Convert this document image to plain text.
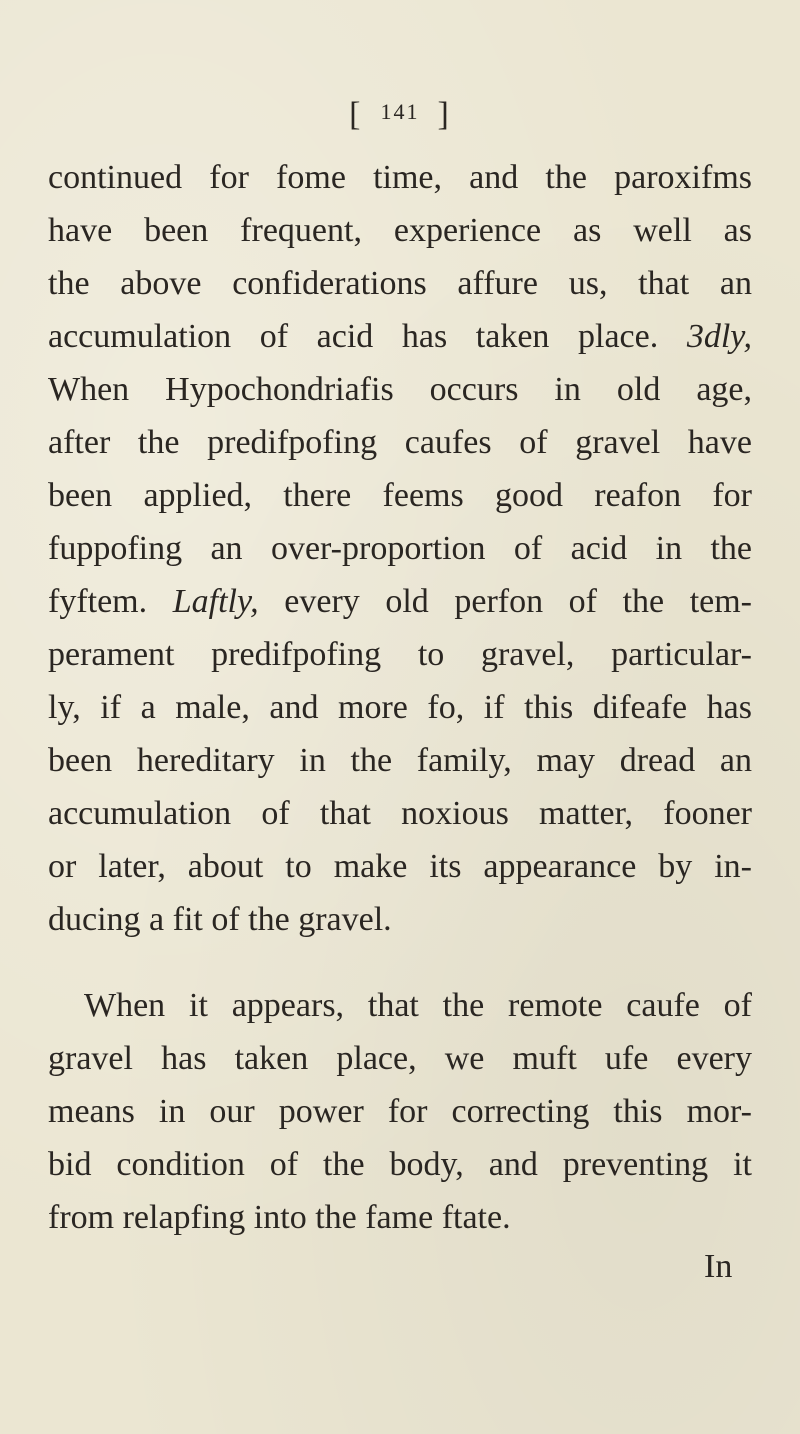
[ 141 ]
continued for fome time, and the paroxifms
have been frequent, experience as well as
the above confiderations affure us, that an
accumulation of acid has taken place. 3dly,
When Hypochondriafis occurs in old age,
after the predifpofing caufes of gravel have
been applied, there feems good reafon for
fuppofing an over-proportion of acid in the
fyftem. Laftly, every old perfon of the tem-
perament predifpofing to gravel, particular-
ly, if a male, and more fo, if this difeafe has
been hereditary in the family, may dread an
accumulation of that noxious matter, fooner
or later, about to make its appearance by in-
ducing a fit of the gravel.
When it appears, that the remote caufe of
gravel has taken place, we muft ufe every
means in our power for correcting this mor-
bid condition of the body, and preventing it
from relapfing into the fame ftate.
In
